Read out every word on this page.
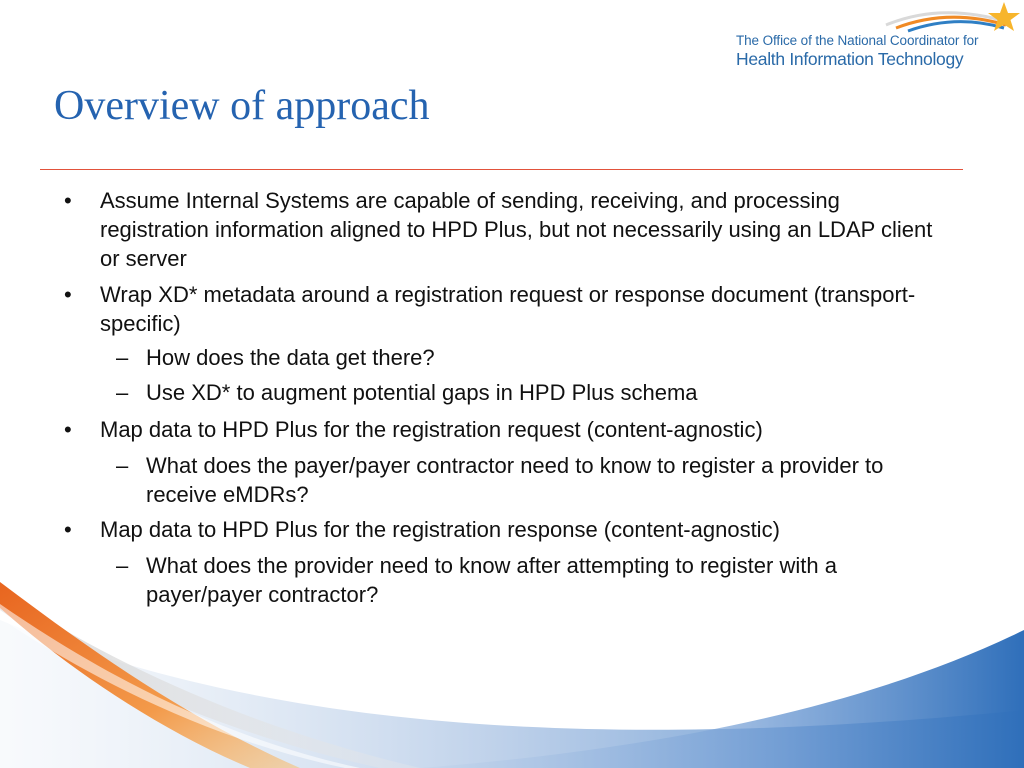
The Office of the National Coordinator for
Health Information Technology
Overview of approach
• Assume Internal Systems are capable of sending, receiving, and processing registration information aligned to HPD Plus, but not necessarily using an LDAP client or server
• Wrap XD* metadata around a registration request or response document (transport-specific)
– How does the data get there?
– Use XD* to augment potential gaps in HPD Plus schema
• Map data to HPD Plus for the registration request (content-agnostic)
– What does the payer/payer contractor need to know to register a provider to receive eMDRs?
• Map data to HPD Plus for the registration response (content-agnostic)
– What does the provider need to know after attempting to register with a payer/payer contractor?
